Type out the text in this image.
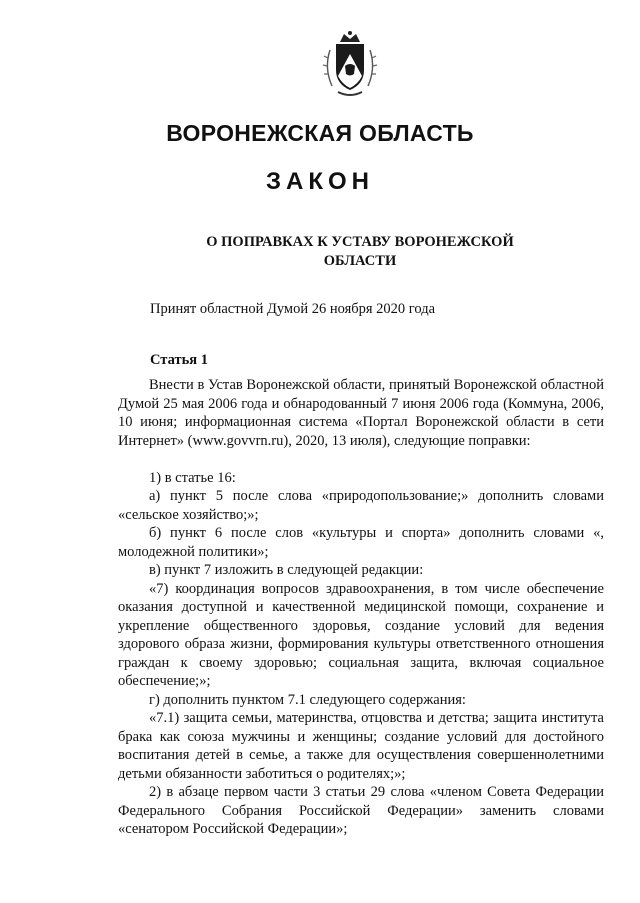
ВОРОНЕЖСКАЯ ОБЛАСТЬ
ЗАКОН
О ПОПРАВКАХ К УСТАВУ ВОРОНЕЖСКОЙ ОБЛАСТИ
Принят областной Думой 26 ноября 2020 года
Статья 1

Внести в Устав Воронежской области, принятый Воронежской областной Думой 25 мая 2006 года и обнародованный 7 июня 2006 года (Коммуна, 2006, 10 июня; информационная система «Портал Воронежской области в сети Интернет» (www.govvrn.ru), 2020, 13 июля), следующие поправки:

1) в статье 16:

а) пункт 5 после слова «природопользование;» дополнить словами «сельское хозяйство;»;

б) пункт 6 после слов «культуры и спорта» дополнить словами «, молодежной политики»;

в) пункт 7 изложить в следующей редакции:

«7) координация вопросов здравоохранения, в том числе обеспечение оказания доступной и качественной медицинской помощи, сохранение и укрепление общественного здоровья, создание условий для ведения здорового образа жизни, формирования культуры ответственного отношения граждан к своему здоровью; социальная защита, включая социальное обеспечение;»;

г) дополнить пунктом 7.1 следующего содержания:

«7.1) защита семьи, материнства, отцовства и детства; защита института брака как союза мужчины и женщины; создание условий для достойного воспитания детей в семье, а также для осуществления совершеннолетними детьми обязанности заботиться о родителях;»;

2) в абзаце первом части 3 статьи 29 слова «членом Совета Федерации Федерального Собрания Российской Федерации» заменить словами «сенатором Российской Федерации»;
